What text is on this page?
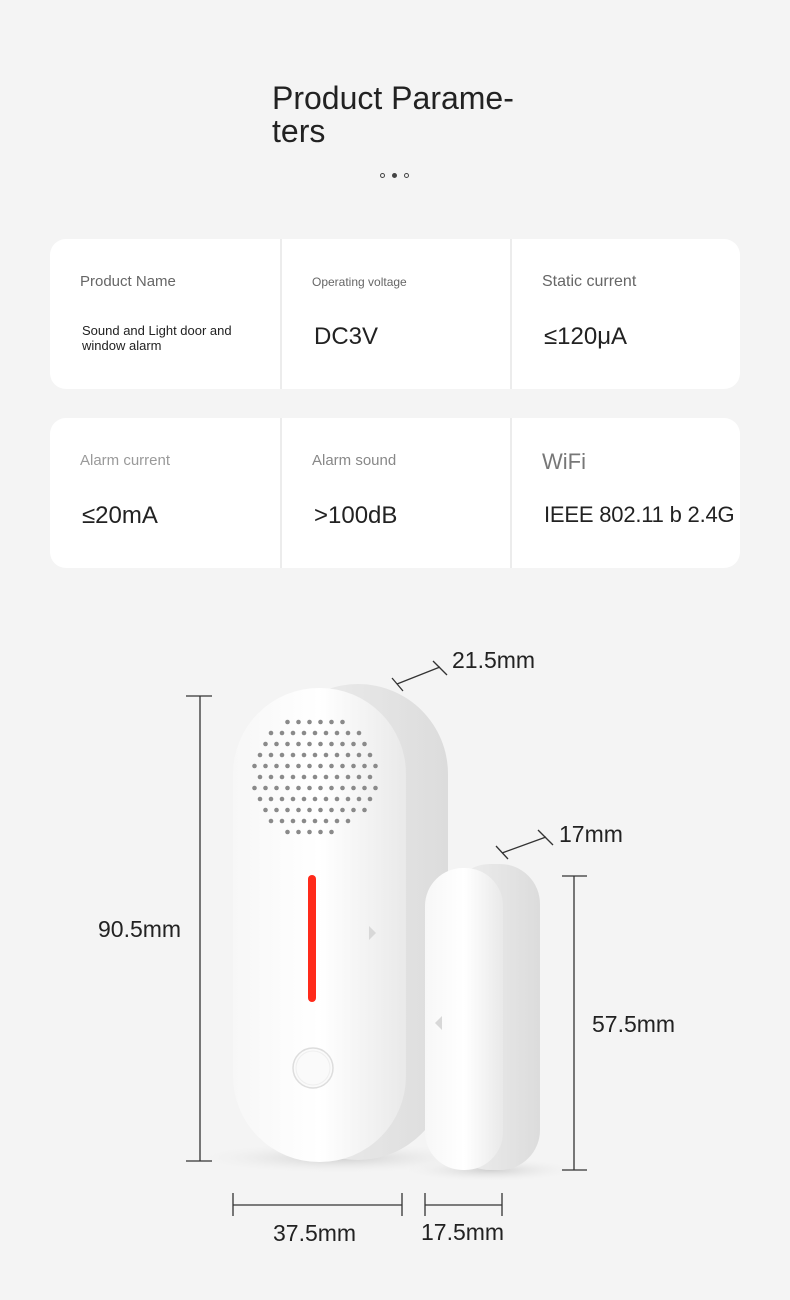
Product Parame-
ters
Product Name
Sound and Light door and window alarm
Operating voltage
DC3V
Static current
≤120μA
Alarm current
≤20mA
Alarm sound
>100dB
WiFi
IEEE 802.11 b 2.4G
21.5mm
90.5mm
37.5mm
17mm
57.5mm
17.5mm
